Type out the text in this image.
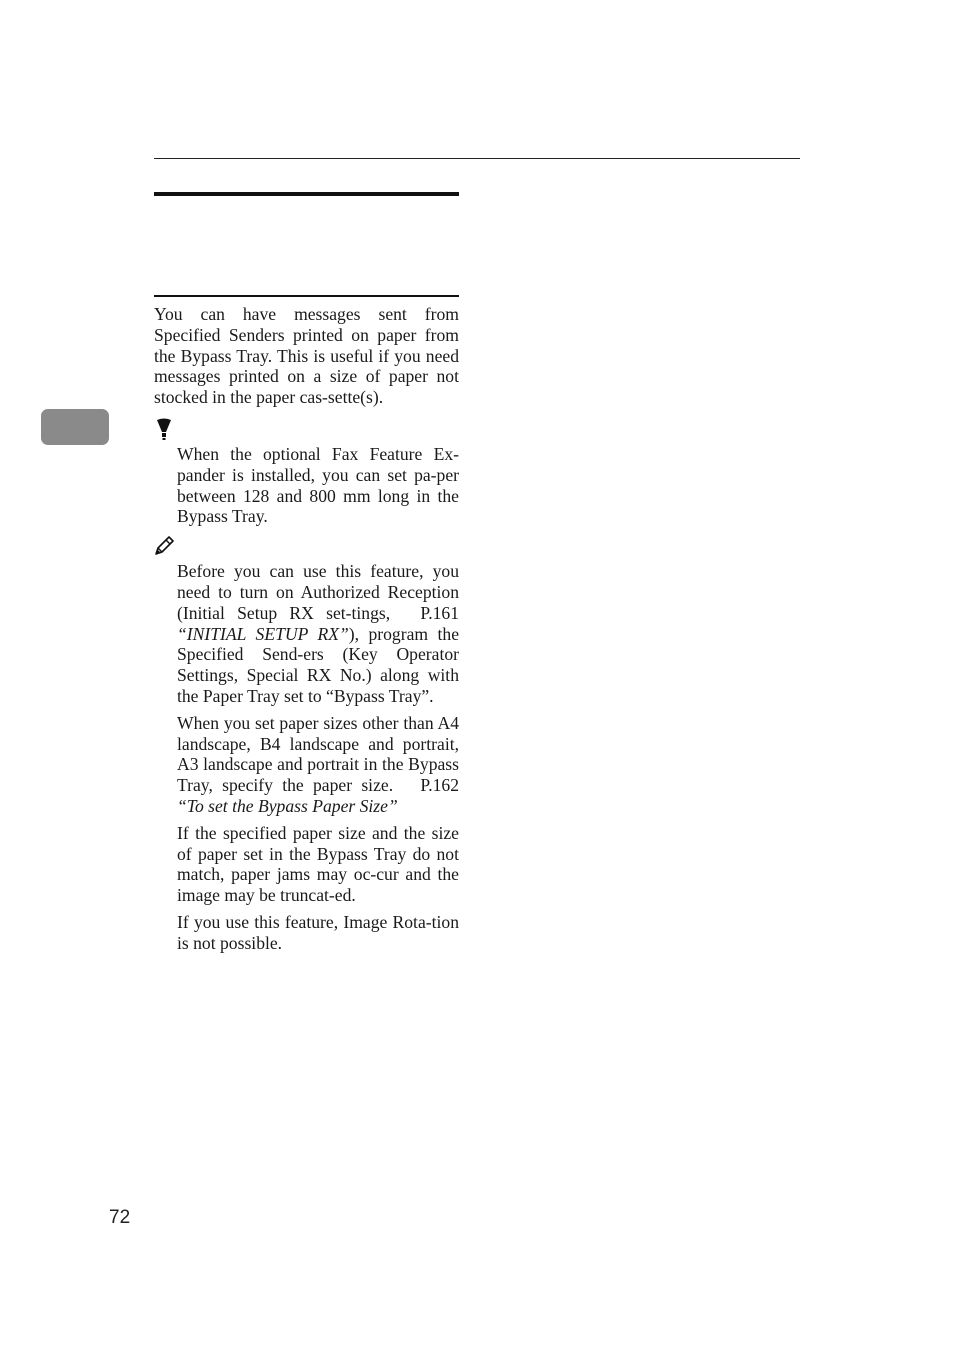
You can have messages sent from Specified Senders printed on paper from the Bypass Tray. This is useful if you need messages printed on a size of paper not stocked in the paper cas-sette(s).

When the optional Fax Feature Ex-pander is installed, you can set pa-per between 128 and 800 mm long in the Bypass Tray.

Before you can use this feature, you need to turn on Authorized Reception (Initial Setup RX set-tings, P.161 “INITIAL SETUP RX”), program the Specified Send-ers (Key Operator Settings, Special RX No.) along with the Paper Tray set to “Bypass Tray”.

When you set paper sizes other than A4 landscape, B4 landscape and portrait, A3 landscape and portrait in the Bypass Tray, specify the paper size. P.162 “To set the Bypass Paper Size”

If the specified paper size and the size of paper set in the Bypass Tray do not match, paper jams may oc-cur and the image may be truncat-ed.

If you use this feature, Image Rota-tion is not possible.

72
